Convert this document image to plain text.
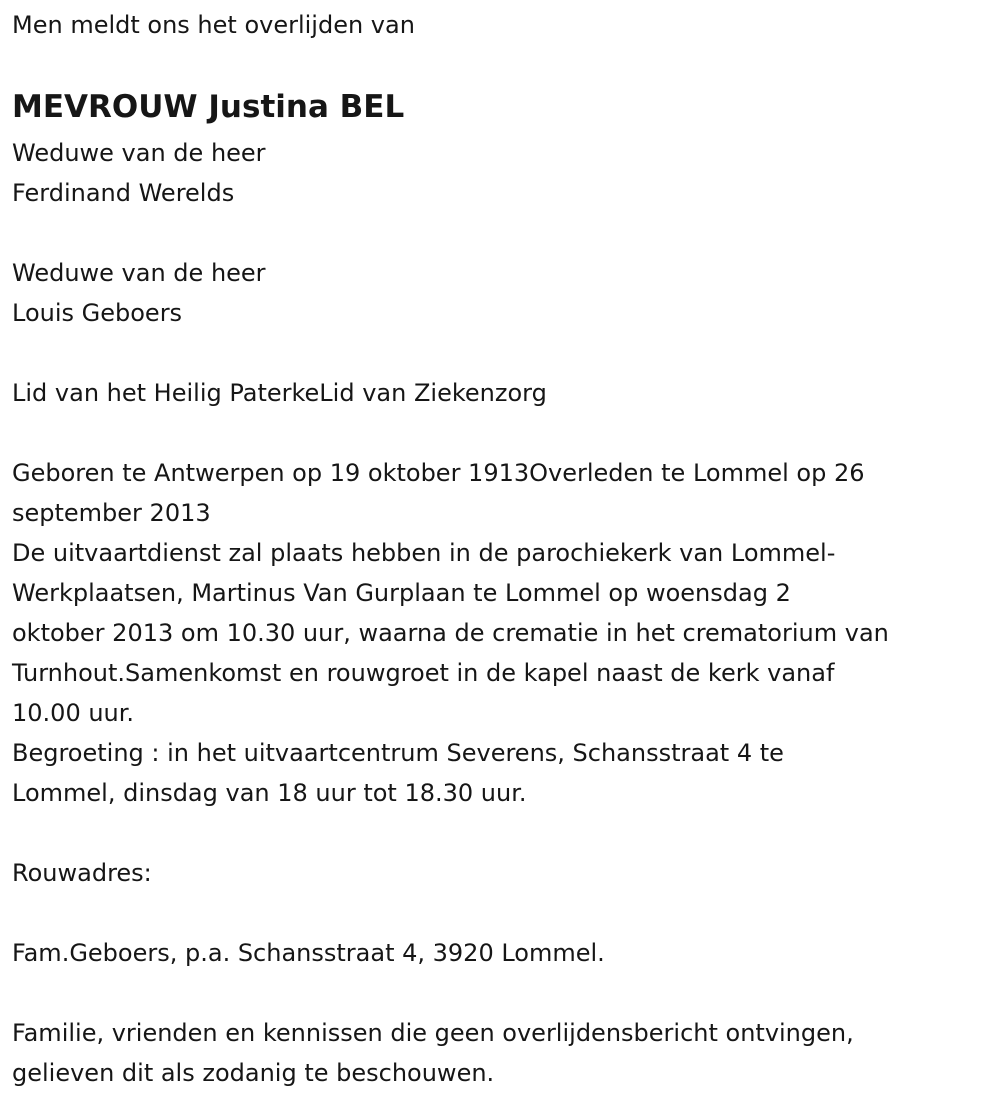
Men meldt ons het overlijden van
MEVROUW Justina BEL
Weduwe van de heer
Ferdinand Werelds
Weduwe van de heer
Louis Geboers
Lid van het Heilig PaterkeLid van Ziekenzorg
Geboren te Antwerpen op 19 oktober 1913Overleden te Lommel op 26
september 2013
De uitvaartdienst zal plaats hebben in de parochiekerk van Lommel-
Werkplaatsen, Martinus Van Gurplaan te Lommel op woensdag 2
oktober 2013 om 10.30 uur, waarna de crematie in het crematorium van
Turnhout.Samenkomst en rouwgroet in de kapel naast de kerk vanaf
10.00 uur.
Begroeting : in het uitvaartcentrum Severens, Schansstraat 4 te
Lommel, dinsdag van 18 uur tot 18.30 uur.
Rouwadres:
Fam.Geboers, p.a. Schansstraat 4, 3920 Lommel.
Familie, vrienden en kennissen die geen overlijdensbericht ontvingen,
gelieven dit als zodanig te beschouwen.
